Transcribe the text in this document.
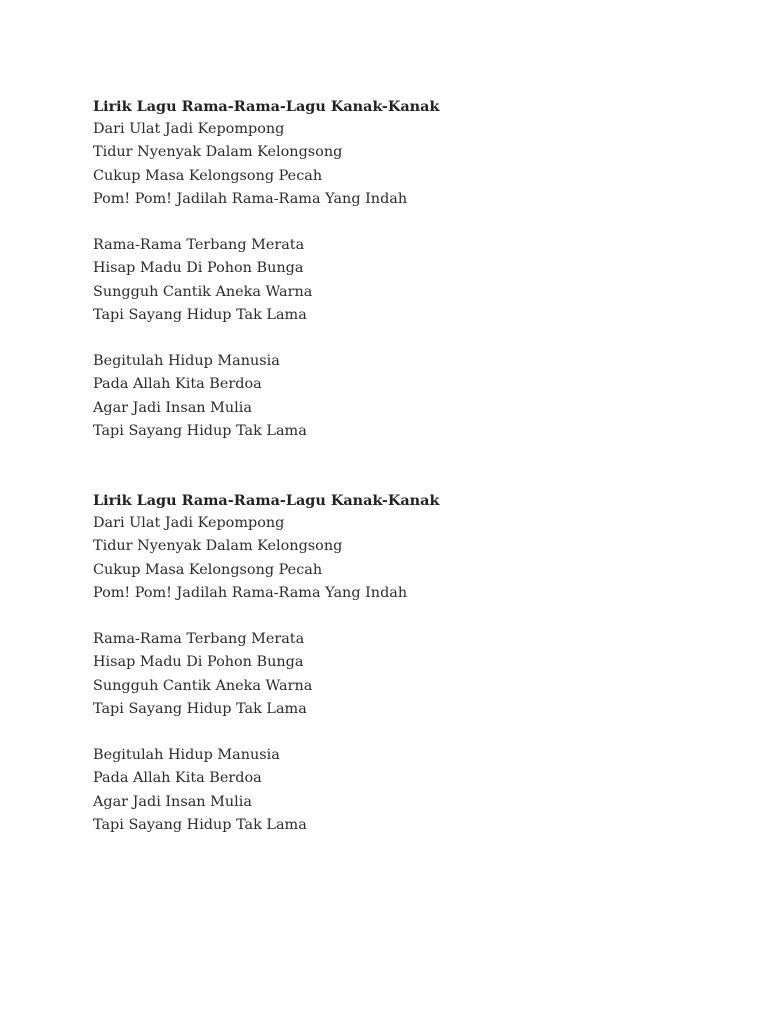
Lirik Lagu Rama-Rama-Lagu Kanak-Kanak
Dari Ulat Jadi Kepompong
Tidur Nyenyak Dalam Kelongsong
Cukup Masa Kelongsong Pecah
Pom! Pom! Jadilah Rama-Rama Yang Indah
Rama-Rama Terbang Merata
Hisap Madu Di Pohon Bunga
Sungguh Cantik Aneka Warna
Tapi Sayang Hidup Tak Lama
Begitulah Hidup Manusia
Pada Allah Kita Berdoa
Agar Jadi Insan Mulia
Tapi Sayang Hidup Tak Lama
Lirik Lagu Rama-Rama-Lagu Kanak-Kanak
Dari Ulat Jadi Kepompong
Tidur Nyenyak Dalam Kelongsong
Cukup Masa Kelongsong Pecah
Pom! Pom! Jadilah Rama-Rama Yang Indah
Rama-Rama Terbang Merata
Hisap Madu Di Pohon Bunga
Sungguh Cantik Aneka Warna
Tapi Sayang Hidup Tak Lama
Begitulah Hidup Manusia
Pada Allah Kita Berdoa
Agar Jadi Insan Mulia
Tapi Sayang Hidup Tak Lama
